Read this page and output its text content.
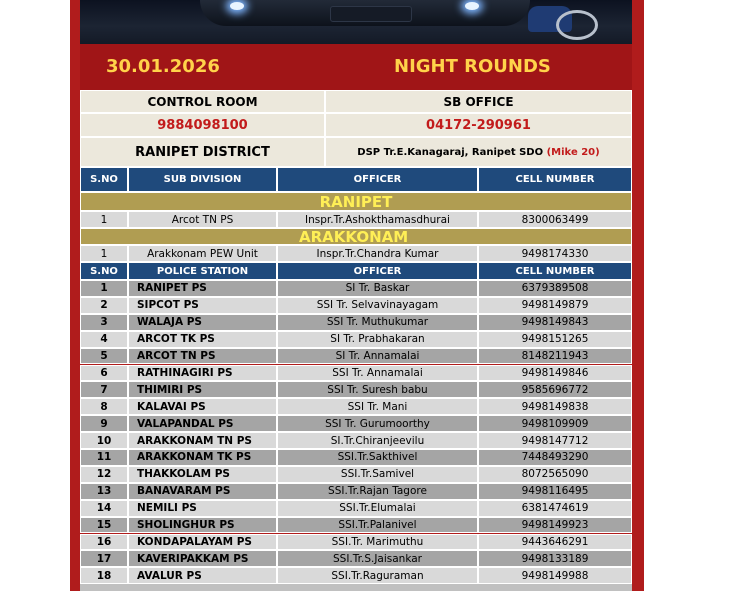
30.01.2026	NIGHT ROUNDS
CONTROL ROOM	SB OFFICE
9884098100	04172-290961
RANIPET DISTRICT	DSP Tr.E.Kanagaraj, Ranipet SDO
(Mike 20)
S.NO	SUB DIVISION	OFFICER	CELL NUMBER
RANIPET
1	Arcot TN PS	Inspr.Tr.Ashokthamasdhurai	8300063499
ARAKKONAM
1	Arakkonam PEW Unit	Inspr.Tr.Chandra Kumar	9498174330
S.NO	POLICE STATION	OFFICER	CELL NUMBER
1	RANIPET PS	SI Tr. Baskar	6379389508
2	SIPCOT PS	SSI Tr. Selvavinayagam	9498149879
3	WALAJA PS	SSI Tr. Muthukumar	9498149843
4	ARCOT TK PS	SI Tr. Prabhakaran	9498151265
5	ARCOT TN PS	SI Tr. Annamalai	8148211943
6	RATHINAGIRI PS	SSI Tr. Annamalai	9498149846
7	THIMIRI PS	SSI Tr. Suresh babu	9585696772
8	KALAVAI PS	SSI Tr. Mani	9498149838
9	VALAPANDAL PS	SSI Tr. Gurumoorthy	9498109909
10	ARAKKONAM TN PS	SI.Tr.Chiranjeevilu	9498147712
11	ARAKKONAM TK PS	SSI.Tr.Sakthivel	7448493290
12	THAKKOLAM PS	SSI.Tr.Samivel	8072565090
13	BANAVARAM PS	SSI.Tr.Rajan Tagore	9498116495
14	NEMILI PS	SSI.Tr.Elumalai	6381474619
15	SHOLINGHUR PS	SSI.Tr.Palanivel	9498149923
16	KONDAPALAYAM PS	SSI.Tr. Marimuthu	9443646291
17	KAVERIPAKKAM PS	SSI.Tr.S.Jaisankar	9498133189
18	AVALUR PS	SSI.Tr.Raguraman	9498149988
